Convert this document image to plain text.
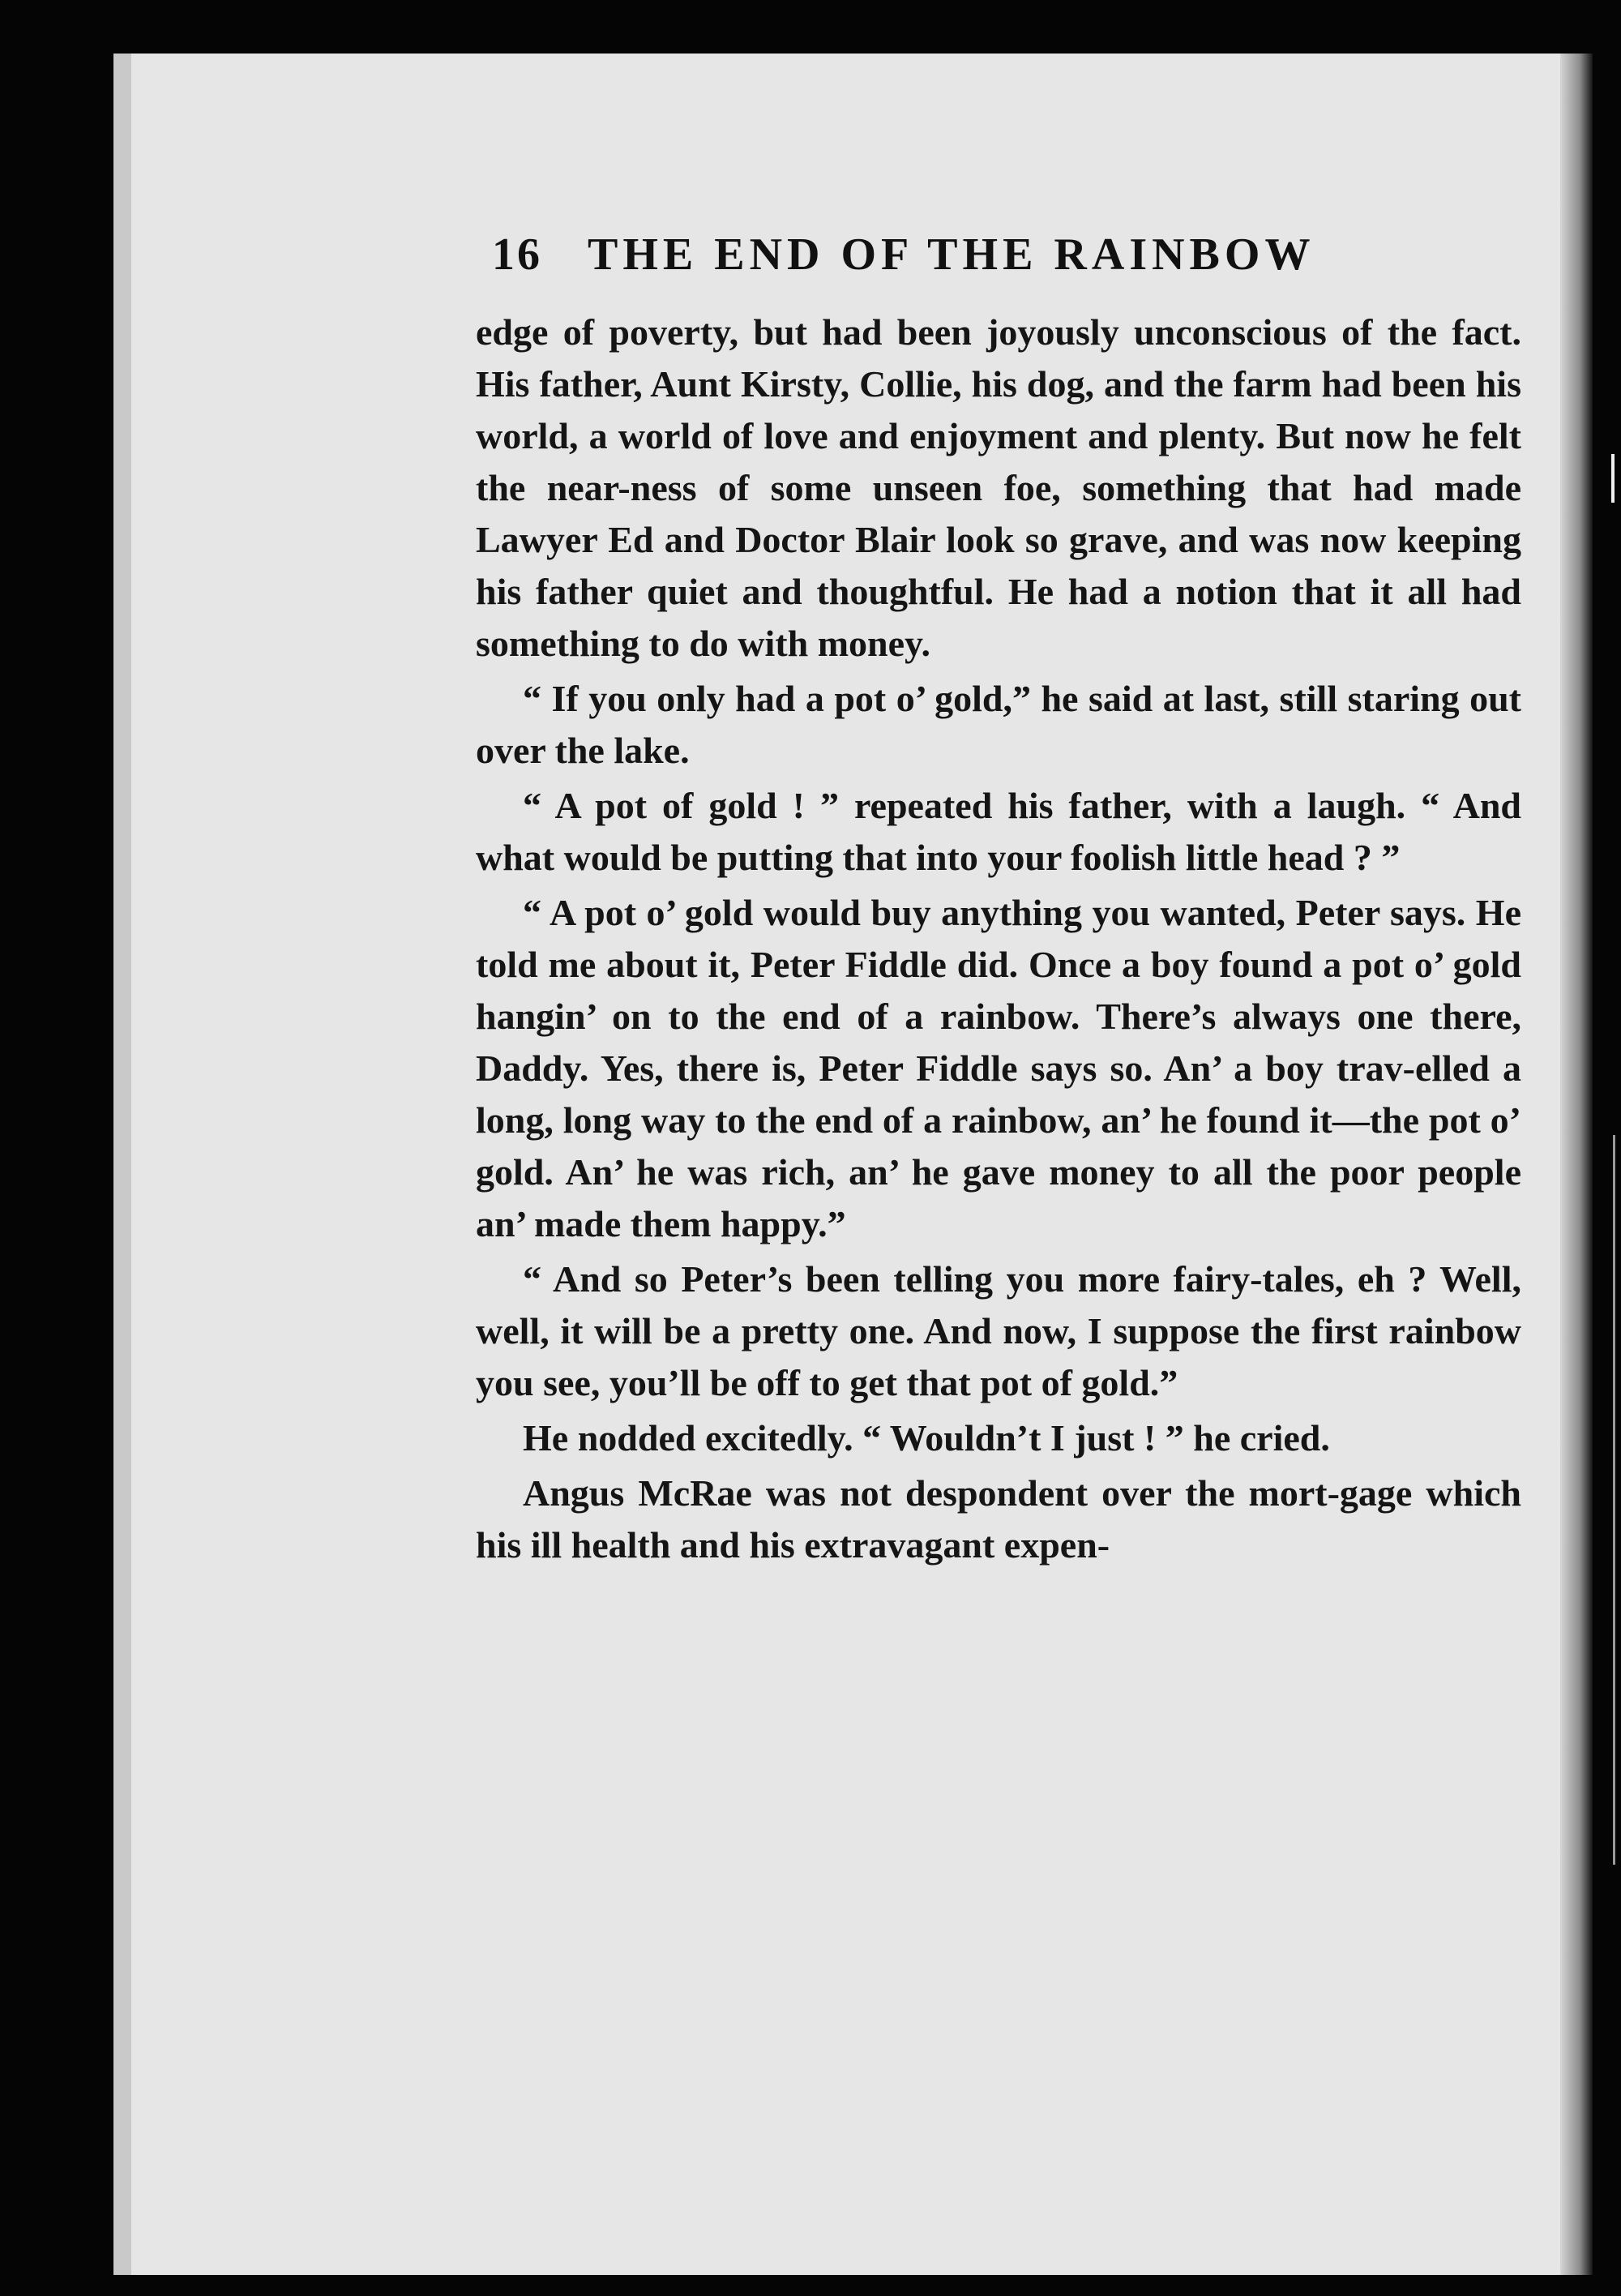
16 THE END OF THE RAINBOW

edge of poverty, but had been joyously unconscious of the fact. His father, Aunt Kirsty, Collie, his dog, and the farm had been his world, a world of love and enjoyment and plenty. But now he felt the near-ness of some unseen foe, something that had made Lawyer Ed and Doctor Blair look so grave, and was now keeping his father quiet and thoughtful. He had a notion that it all had something to do with money.

“ If you only had a pot o’ gold,” he said at last, still staring out over the lake.

“ A pot of gold ! ” repeated his father, with a laugh. “ And what would be putting that into your foolish little head ? ”

“ A pot o’ gold would buy anything you wanted, Peter says. He told me about it, Peter Fiddle did. Once a boy found a pot o’ gold hangin’ on to the end of a rainbow. There’s always one there, Daddy. Yes, there is, Peter Fiddle says so. An’ a boy trav-elled a long, long way to the end of a rainbow, an’ he found it—the pot o’ gold. An’ he was rich, an’ he gave money to all the poor people an’ made them happy.”

“ And so Peter’s been telling you more fairy-tales, eh ? Well, well, it will be a pretty one. And now, I suppose the first rainbow you see, you’ll be off to get that pot of gold.”

He nodded excitedly. “ Wouldn’t I just ! ” he cried.

Angus McRae was not despondent over the mort-gage which his ill health and his extravagant expen-
